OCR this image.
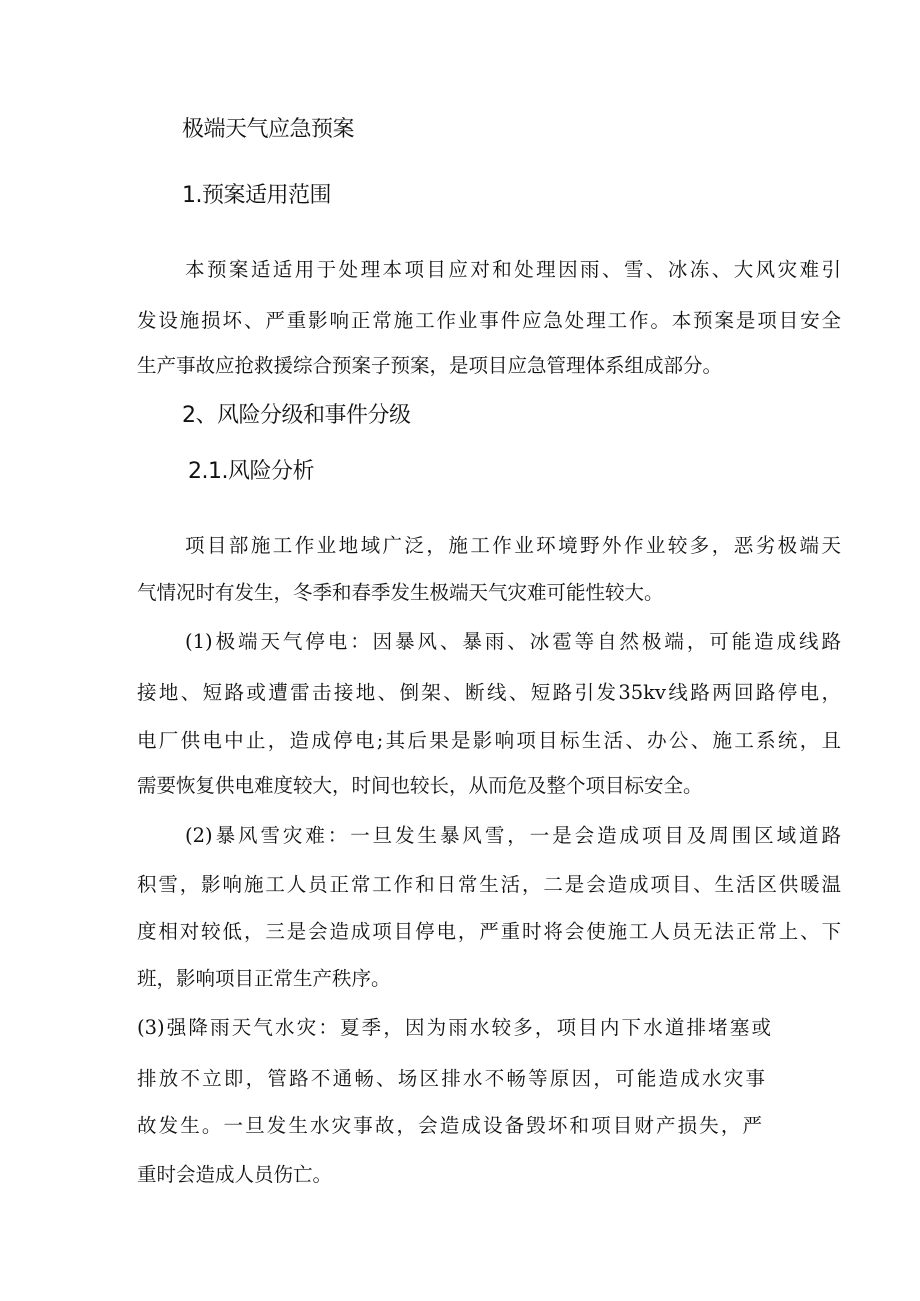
极端天气应急预案
1.预案适用范围
本预案适适用于处理本项目应对和处理因雨、雪、冰冻、大风灾难引
发设施损坏、严重影响正常施工作业事件应急处理工作。本预案是项目安全
生产事故应抢救援综合预案子预案，是项目应急管理体系组成部分。
2、风险分级和事件分级
2.1.风险分析
项目部施工作业地域广泛，施工作业环境野外作业较多，恶劣极端天
气情况时有发生，冬季和春季发生极端天气灾难可能性较大。
(1)极端天气停电：因暴风、暴雨、冰雹等自然极端，可能造成线路
接地、短路或遭雷击接地、倒架、断线、短路引发35kv线路两回路停电，
电厂供电中止，造成停电;其后果是影响项目标生活、办公、施工系统，且
需要恢复供电难度较大，时间也较长，从而危及整个项目标安全。
(2)暴风雪灾难：一旦发生暴风雪，一是会造成项目及周围区域道路
积雪，影响施工人员正常工作和日常生活，二是会造成项目、生活区供暖温
度相对较低，三是会造成项目停电，严重时将会使施工人员无法正常上、下
班，影响项目正常生产秩序。
(3)强降雨天气水灾：夏季，因为雨水较多，项目内下水道排堵塞或
排放不立即，管路不通畅、场区排水不畅等原因，可能造成水灾事
故发生。一旦发生水灾事故，会造成设备毁坏和项目财产损失，严
重时会造成人员伤亡。
